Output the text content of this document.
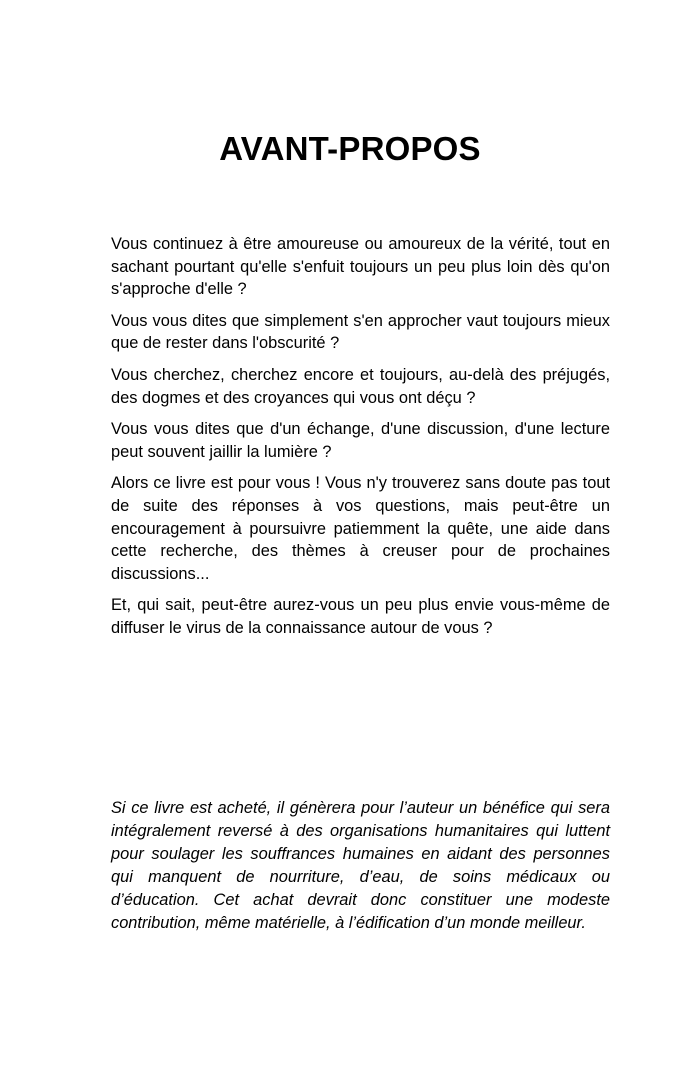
AVANT-PROPOS

Vous continuez à être amoureuse ou amoureux de la vérité, tout en sachant pourtant qu'elle s'enfuit toujours un peu plus loin dès qu'on s'approche d'elle ?

Vous vous dites que simplement s'en approcher vaut toujours mieux que de rester dans l'obscurité ?

Vous cherchez, cherchez encore et toujours, au-delà des préjugés, des dogmes et des croyances qui vous ont déçu ?

Vous vous dites que d'un échange, d'une discussion, d'une lecture peut souvent jaillir la lumière ?

Alors ce livre est pour vous ! Vous n'y trouverez sans doute pas tout de suite des réponses à vos questions, mais peut-être un encouragement à poursuivre patiemment la quête, une aide dans cette recherche, des thèmes à creuser pour de prochaines discussions...

Et, qui sait, peut-être aurez-vous un peu plus envie vous-même de diffuser le virus de la connaissance autour de vous ?

Si ce livre est acheté, il génèrera pour l’auteur un bénéfice qui sera intégralement reversé à des organisations humanitaires qui luttent pour soulager les souffrances humaines en aidant des personnes qui manquent de nourriture, d’eau, de soins médicaux ou d’éducation. Cet achat devrait donc constituer une modeste contribution, même matérielle, à l’édification d’un monde meilleur.
